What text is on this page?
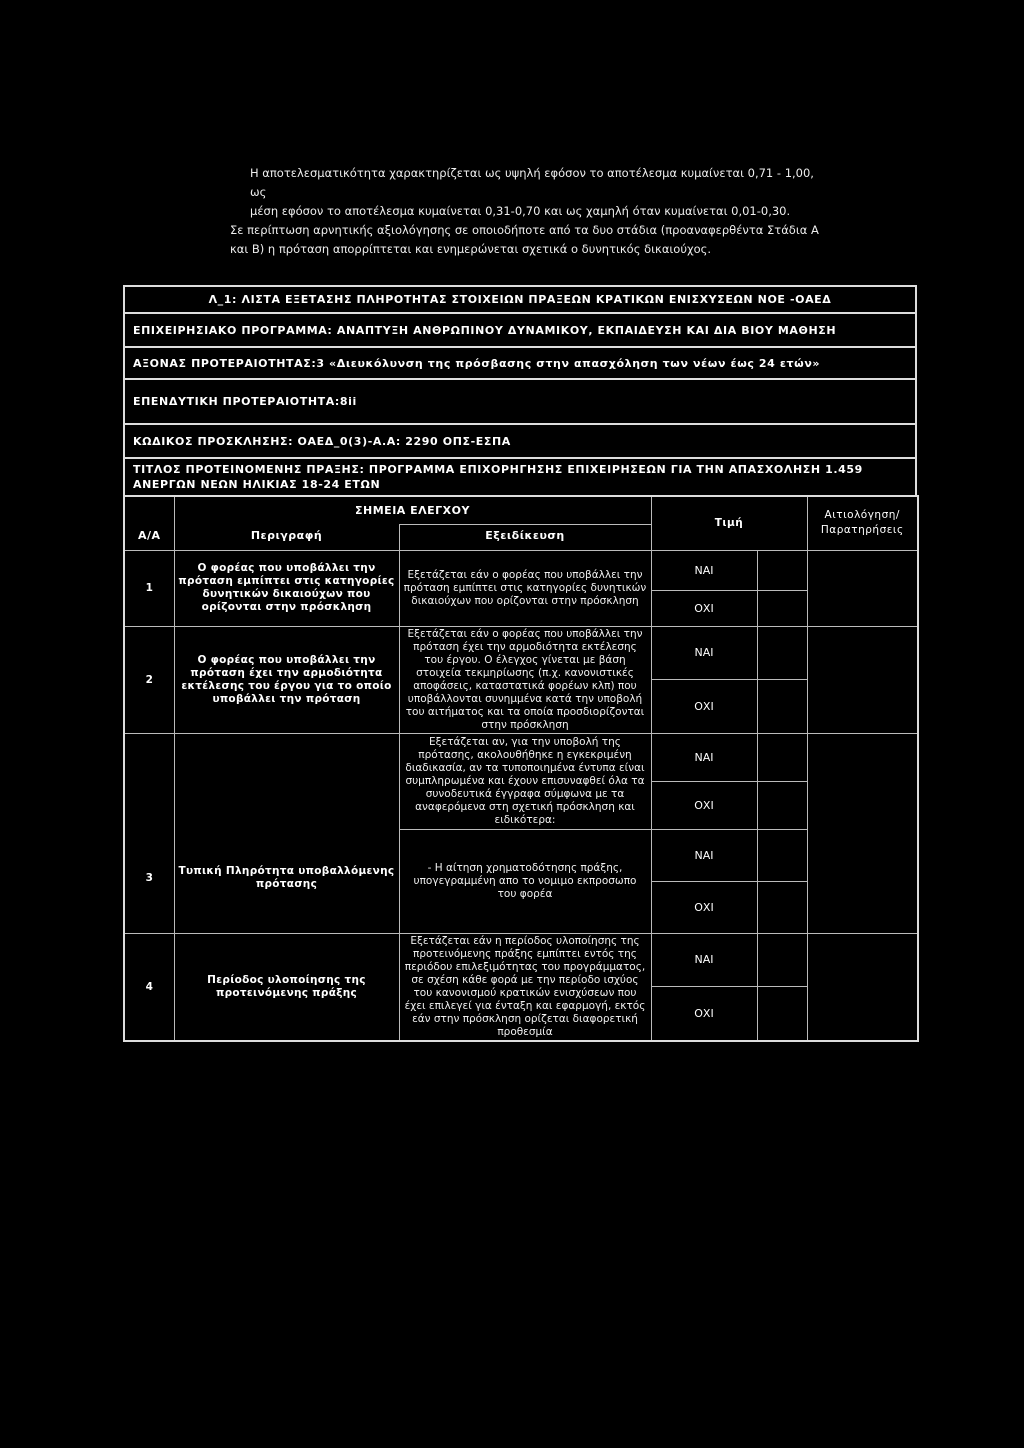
Η αποτελεσματικότητα χαρακτηρίζεται ως υψηλή εφόσον το αποτέλεσμα κυμαίνεται 0,71 - 1,00, ως

μέση εφόσον το αποτέλεσμα κυμαίνεται 0,31-0,70 και ως χαμηλή όταν κυμαίνεται 0,01-0,30.

Σε περίπτωση αρνητικής αξιολόγησης σε οποιοδήποτε από τα δυο στάδια (προαναφερθέντα Στάδια Α

και Β) η πρόταση απορρίπτεται και ενημερώνεται σχετικά ο δυνητικός δικαιούχος.

Λ_1: ΛΙΣΤΑ ΕΞΕΤΑΣΗΣ ΠΛΗΡΟΤΗΤΑΣ ΣΤΟΙΧΕΙΩΝ ΠΡΑΞΕΩΝ ΚΡΑΤΙΚΩΝ ΕΝΙΣΧΥΣΕΩΝ ΝΟΕ -ΟΑΕΔ
ΕΠΙΧΕΙΡΗΣΙΑΚΟ ΠΡΟΓΡΑΜΜΑ: ΑΝΑΠΤΥΞΗ ΑΝΘΡΩΠΙΝΟΥ ΔΥΝΑΜΙΚΟΥ, ΕΚΠΑΙΔΕΥΣΗ ΚΑΙ ΔΙΑ ΒΙΟΥ ΜΑΘΗΣΗ
ΑΞΟΝΑΣ ΠΡΟΤΕΡΑΙΟΤΗΤΑΣ:3 «Διευκόλυνση της πρόσβασης στην απασχόληση των νέων έως 24 ετών»
ΕΠΕΝΔΥΤΙΚΗ ΠΡΟΤΕΡΑΙΟΤΗΤΑ:8ii
ΚΩΔΙΚΟΣ ΠΡΟΣΚΛΗΣΗΣ: ΟΑΕΔ_0(3)-Α.Α: 2290 ΟΠΣ-ΕΣΠΑ
ΤΙΤΛΟΣ ΠΡΟΤΕΙΝΟΜΕΝΗΣ ΠΡΑΞΗΣ: ΠΡΟΓΡΑΜΜΑ ΕΠΙΧΟΡΗΓΗΣΗΣ ΕΠΙΧΕΙΡΗΣΕΩΝ ΓΙΑ ΤΗΝ ΑΠΑΣΧΟΛΗΣΗ 1.459 ΑΝΕΡΓΩΝ ΝΕΩΝ ΗΛΙΚΙΑΣ 18-24 ΕΤΩΝ
Α/Α	ΣΗΜΕΙΑ ΕΛΕΓΧΟΥ		Τιμή		Αιτιολόγηση/ Παρατηρήσεις
	Περιγραφή	Εξειδίκευση			
1	Ο φορέας που υποβάλλει την πρόταση εμπίπτει στις κατηγορίες δυνητικών δικαιούχων που ορίζονται στην πρόσκληση	Εξετάζεται εάν ο φορέας που υποβάλλει την πρόταση εμπίπτει στις κατηγορίες δυνητικών δικαιούχων που ορίζονται στην πρόσκληση	ΝΑΙ		
			ΟΧΙ		
2	Ο φορέας που υποβάλλει την πρόταση έχει την αρμοδιότητα εκτέλεσης του έργου για το οποίο υποβάλλει την πρόταση	Εξετάζεται εάν ο φορέας που υποβάλλει την πρόταση έχει την αρμοδιότητα εκτέλεσης του έργου. Ο έλεγχος γίνεται με βάση στοιχεία τεκμηρίωσης (π.χ. κανονιστικές αποφάσεις, καταστατικά φορέων κλπ) που υποβάλλονται συνημμένα κατά την υποβολή του αιτήματος και τα οποία προσδιορίζονται στην πρόσκληση	ΝΑΙ		
			ΟΧΙ		
3	Τυπική Πληρότητα υποβαλλόμενης πρότασης	Εξετάζεται αν, για την υποβολή της πρότασης, ακολουθήθηκε η εγκεκριμένη διαδικασία, αν τα τυποποιημένα έντυπα είναι συμπληρωμένα και έχουν επισυναφθεί όλα τα συνοδευτικά έγγραφα σύμφωνα με τα αναφερόμενα στη σχετική πρόσκληση και ειδικότερα:	ΝΑΙ		
			ΟΧΙ		
		- Η αίτηση χρηματοδότησης πράξης, υπογεγραμμένη απο το νομιμο εκπροσωπο του φορέα	ΝΑΙ		
			ΟΧΙ		
4	Περίοδος υλοποίησης της προτεινόμενης πράξης	Εξετάζεται εάν η περίοδος υλοποίησης της προτεινόμενης πράξης εμπίπτει εντός της περιόδου επιλεξιμότητας του προγράμματος, σε σχέση κάθε φορά με την περίοδο ισχύος του κανονισμού κρατικών ενισχύσεων που έχει επιλεγεί για ένταξη και εφαρμογή, εκτός εάν στην πρόσκληση ορίζεται διαφορετική προθεσμία	ΝΑΙ		
			ΟΧΙ		
